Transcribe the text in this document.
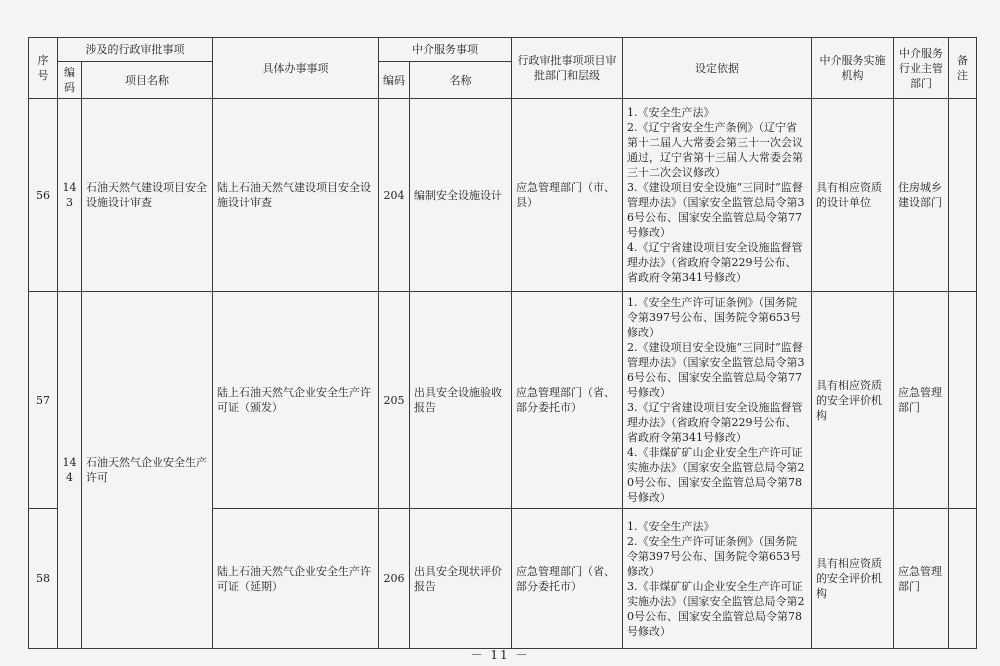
序号	涉及的行政审批事项		具体办事事项	中介服务事项		行政审批事项项目审批部门和层级	设定依据	中介服务实施机构	中介服务行业主管部门	备注
	编码	项目名称		编码	名称					
56	143	石油天然气建设项目安全设施设计审查	陆上石油天然气建设项目安全设施设计审查	204	编制安全设施设计	应急管理部门（市、县）	1.《安全生产法》
2.《辽宁省安全生产条例》（辽宁省第十二届人大常委会第三十一次会议通过，辽宁省第十三届人大常委会第三十二次会议修改）
3.《建设项目安全设施“三同时”监督管理办法》（国家安全监管总局令第36号公布、国家安全监管总局令第77号修改）
4.《辽宁省建设项目安全设施监督管理办法》（省政府令第229号公布、省政府令第341号修改）	具有相应资质的设计单位	住房城乡建设部门	
57	144	石油天然气企业安全生产许可	陆上石油天然气企业安全生产许可证（颁发）	205	出具安全设施验收报告	应急管理部门（省、部分委托市）	1.《安全生产许可证条例》（国务院令第397号公布、国务院令第653号修改）
2.《建设项目安全设施“三同时”监督管理办法》（国家安全监管总局令第36号公布、国家安全监管总局令第77号修改）
3.《辽宁省建设项目安全设施监督管理办法》（省政府令第229号公布、省政府令第341号修改）
4.《非煤矿矿山企业安全生产许可证实施办法》（国家安全监管总局令第20号公布、国家安全监管总局令第78号修改）	具有相应资质的安全评价机构	应急管理部门	
58			陆上石油天然气企业安全生产许可证（延期）	206	出具安全现状评价报告	应急管理部门（省、部分委托市）	1.《安全生产法》
2.《安全生产许可证条例》（国务院令第397号公布、国务院令第653号修改）
3.《非煤矿矿山企业安全生产许可证实施办法》（国家安全监管总局令第20号公布、国家安全监管总局令第78号修改）	具有相应资质的安全评价机构	应急管理部门	
－ 11 －
